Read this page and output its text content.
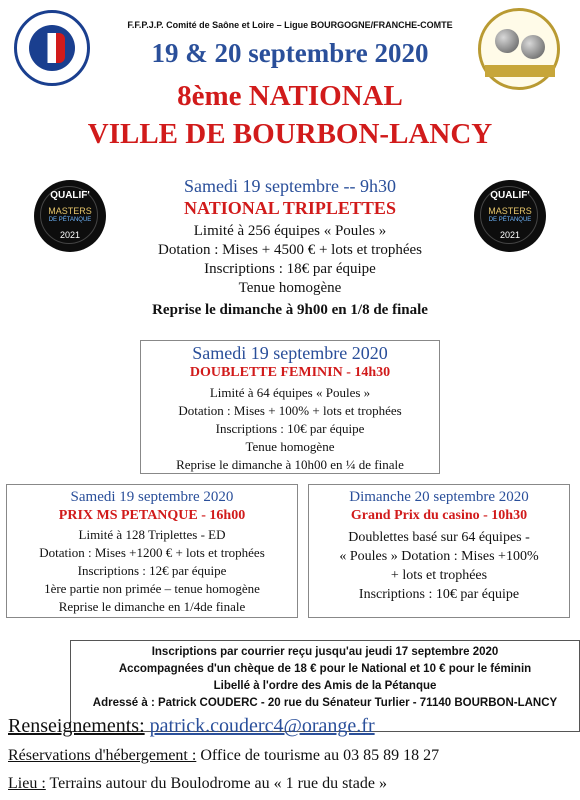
F.F.P.J.P. Comité de Saône et Loire – Ligue BOURGOGNE/FRANCHE-COMTE
19 & 20 septembre 2020
8ème NATIONAL
VILLE DE BOURBON-LANCY
QUALIF'
MASTERS
DE PÉTANQUE
2021
QUALIF'
MASTERS
DE PÉTANQUE
2021
Samedi 19 septembre -- 9h30
NATIONAL TRIPLETTES
Limité à 256 équipes « Poules »
Dotation : Mises + 4500 € + lots et trophées
Inscriptions : 18€ par équipe
Tenue homogène
Reprise le dimanche à 9h00 en 1/8 de finale
Samedi 19 septembre 2020
DOUBLETTE FEMININ - 14h30
Limité à 64 équipes « Poules »
Dotation : Mises + 100% + lots et trophées
Inscriptions : 10€ par équipe
Tenue homogène
Reprise le dimanche à 10h00 en ¼ de finale
Samedi 19 septembre 2020
PRIX MS PETANQUE - 16h00
Limité à 128 Triplettes - ED
Dotation : Mises +1200 € + lots et trophées
Inscriptions : 12€ par équipe
1ère partie non primée – tenue homogène
Reprise le dimanche en 1/4de finale
Dimanche 20 septembre 2020
Grand Prix du casino - 10h30
Doublettes basé sur 64 équipes -
« Poules » Dotation : Mises +100%
+ lots et trophées
Inscriptions : 10€ par équipe
Inscriptions par courrier reçu jusqu'au jeudi 17 septembre 2020
Accompagnées d'un chèque de 18 € pour le National et 10 € pour le féminin
Libellé à l'ordre des Amis de la Pétanque
Adressé à : Patrick COUDERC - 20 rue du Sénateur Turlier - 71140 BOURBON-LANCY
Renseignements: patrick.couderc4@orange.fr
Réservations d'hébergement : Office de tourisme au 03 85 89 18 27
Lieu : Terrains autour du Boulodrome au « 1 rue du stade »
